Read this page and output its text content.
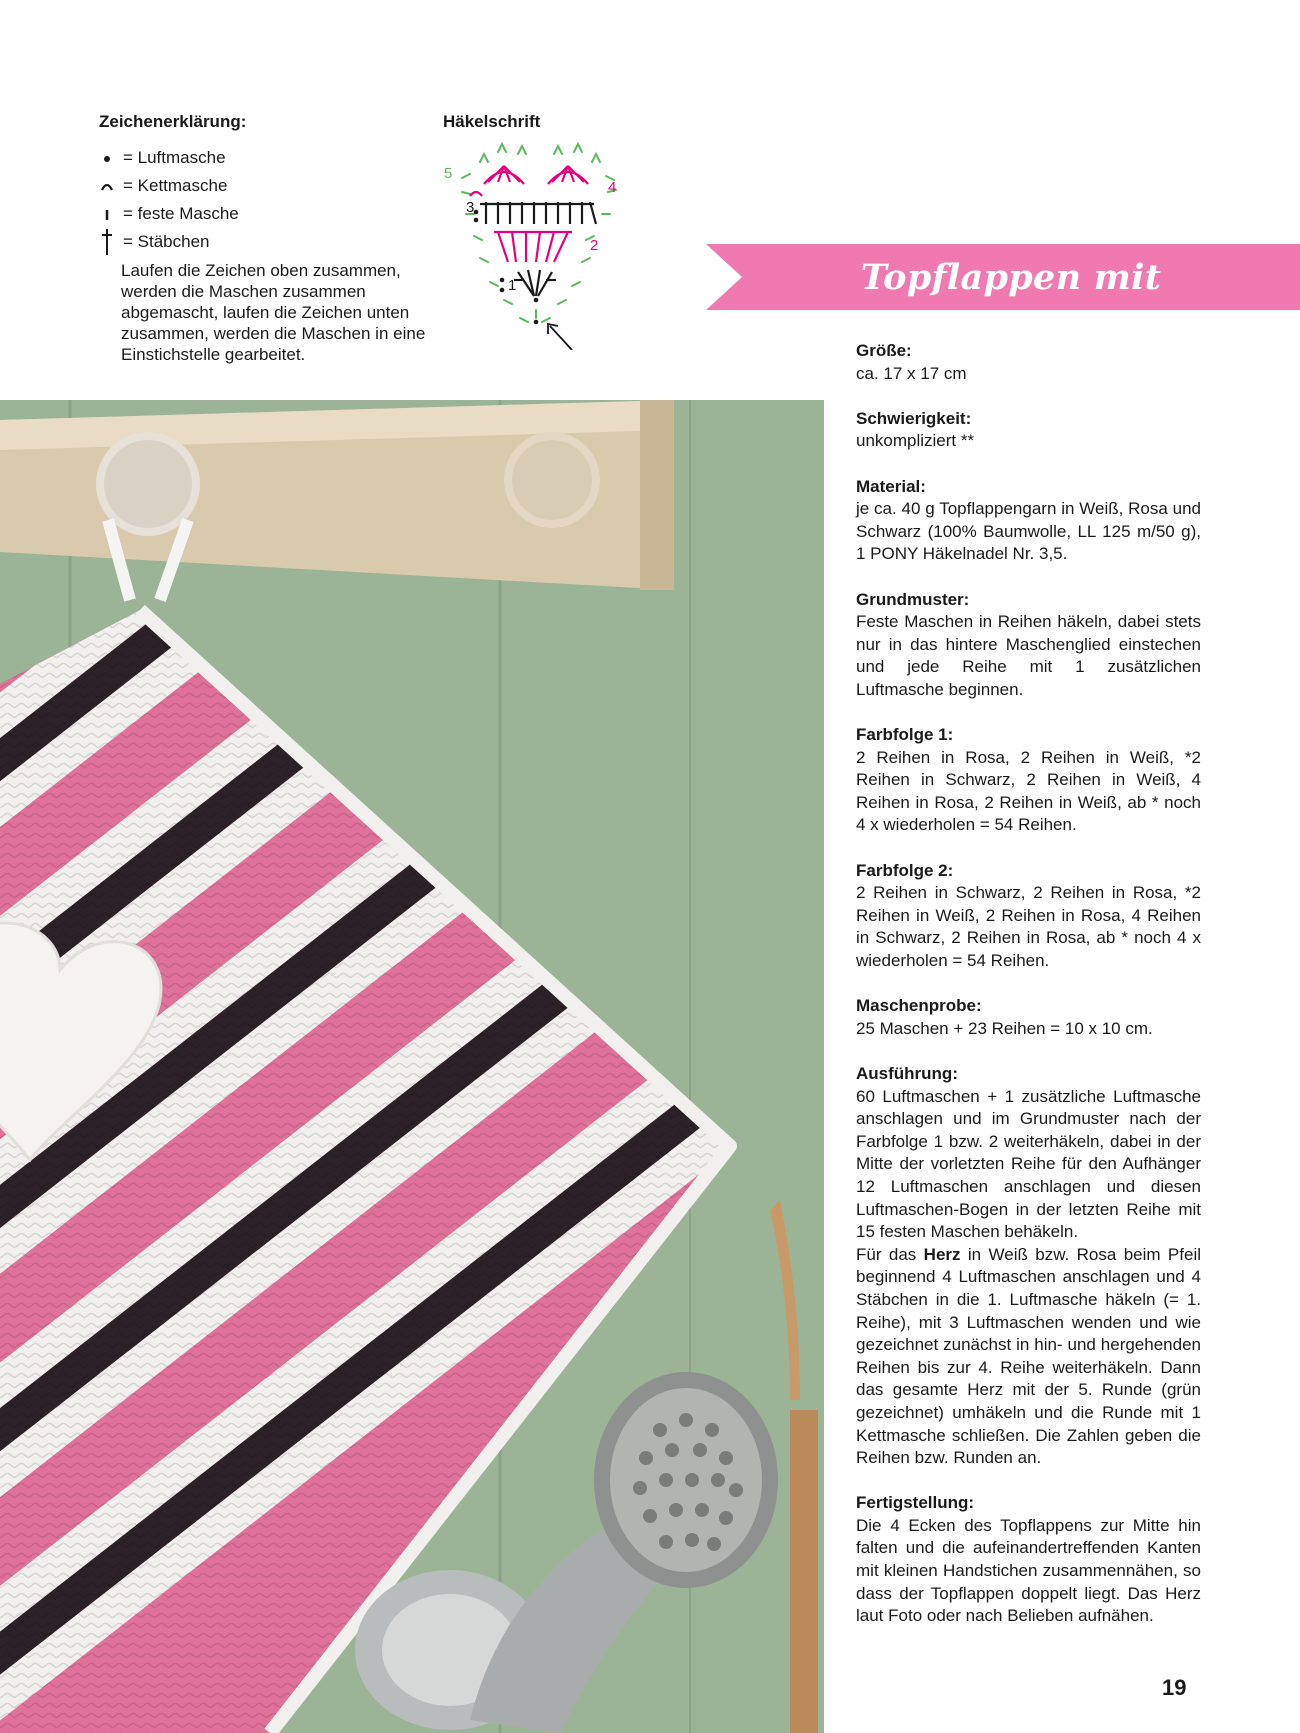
Zeichenerklärung:
= Luftmasche
= Kettmasche
= feste Masche
= Stäbchen

Laufen die Zeichen oben zusammen, werden die Maschen zusammen abgemascht, laufen die Zeichen unten zusammen, werden die Maschen in eine Einstichstelle gearbeitet.

Häkelschrift
5
4
3
2
1	Topflappen mit Herzen
Größe:

ca. 17 x 17 cm

Schwierigkeit:

unkompliziert **

Material:

je ca. 40 g Topflappengarn in Weiß, Rosa und Schwarz (100% Baumwolle, LL 125 m/50 g), 1 PONY Häkelnadel Nr. 3,5.

Grundmuster:

Feste Maschen in Reihen häkeln, dabei stets nur in das hintere Maschenglied einstechen und jede Reihe mit 1 zusätzlichen Luftmasche beginnen.

Farbfolge 1:

2 Reihen in Rosa, 2 Reihen in Weiß, *2 Reihen in Schwarz, 2 Reihen in Weiß, 4 Reihen in Rosa, 2 Reihen in Weiß, ab * noch 4 x wiederholen = 54 Reihen.

Farbfolge 2:

2 Reihen in Schwarz, 2 Reihen in Rosa, *2 Reihen in Weiß, 2 Reihen in Rosa, 4 Reihen in Schwarz, 2 Reihen in Rosa, ab * noch 4 x wiederholen = 54 Reihen.

Maschenprobe:

25 Maschen + 23 Reihen = 10 x 10 cm.

Ausführung:

60 Luftmaschen + 1 zusätzliche Luftmasche anschlagen und im Grundmuster nach der Farbfolge 1 bzw. 2 weiterhäkeln, dabei in der Mitte der vorletzten Reihe für den Aufhänger 12 Luftmaschen anschlagen und diesen Luftmaschen-Bogen in der letzten Reihe mit 15 festen Maschen behäkeln.

Für das Herz in Weiß bzw. Rosa beim Pfeil beginnend 4 Luftmaschen anschlagen und 4 Stäbchen in die 1. Luftmasche häkeln (= 1. Reihe), mit 3 Luftmaschen wenden und wie gezeichnet zunächst in hin- und hergehenden Reihen bis zur 4. Reihe weiterhäkeln. Dann das gesamte Herz mit der 5. Runde (grün gezeichnet) umhäkeln und die Runde mit 1 Kettmasche schließen. Die Zahlen geben die Reihen bzw. Runden an.

Fertigstellung:

Die 4 Ecken des Topflappens zur Mitte hin falten und die aufeinandertreffenden Kanten mit kleinen Handstichen zusammennähen, so dass der Topflappen doppelt liegt. Das Herz laut Foto oder nach Belieben aufnähen.

19
